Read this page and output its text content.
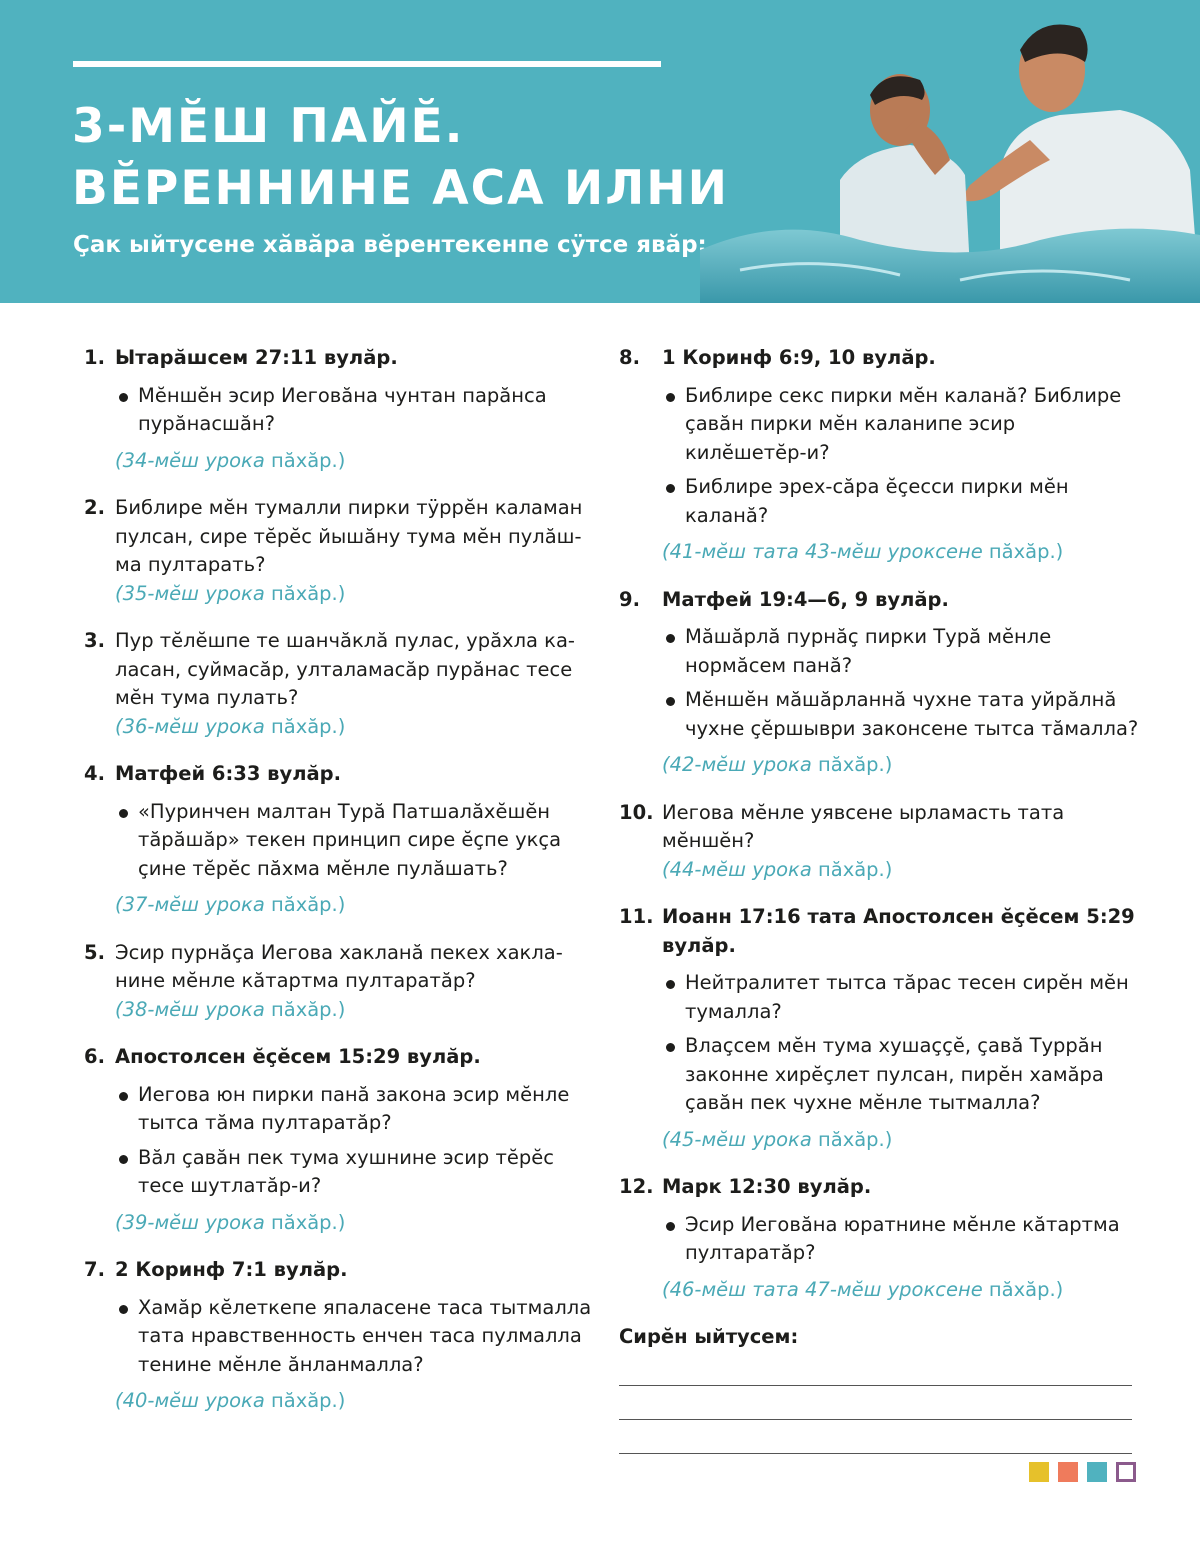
3-МĔШ ПАЙĔ.
ВĔРЕННИНЕ АСА ИЛНИ
Çак ыйтусене хăвăра вĕрентекенпе сÿтсе явăр:
1. Ытарăшсем 27:11 вулăр.
Мĕншĕн эсир Иеговăна чунтан парăнса пурăнасшăн?
(34-мĕш урока пăхăр.)
2. Библире мĕн тумалли пирки тÿррĕн каламан пулсан, сире тĕрĕс йышăну тума мĕн пулăшма пултарать?
(35-мĕш урока пăхăр.)
3. Пур тĕлĕшпе те шанчăклă пулас, урăхла каласан, суймасăр, улталамасăр пурăнас тесе мĕн тума пулать?
(36-мĕш урока пăхăр.)
4. Матфей 6:33 вулăр.
«Пуринчен малтан Турă Патшалăхĕшĕн тăрăшăр» текен принцип сире ĕçпе укçа çине тĕрĕс пăхма мĕнле пулăшать?
(37-мĕш урока пăхăр.)
5. Эсир пурнăçа Иегова хакланă пекех хакланине мĕнле кăтартма пултаратăр?
(38-мĕш урока пăхăр.)
6. Апостолсен ĕçĕсем 15:29 вулăр.
Иегова юн пирки панă закона эсир мĕнле тытса тăма пултаратăр?
Вăл çавăн пек тума хушнине эсир тĕрĕс тесе шутлатăр-и?
(39-мĕш урока пăхăр.)
7. 2 Коринф 7:1 вулăр.
Хамăр кĕлеткепе япаласене таса тытмалла тата нравственность енчен таса пулмалла тенине мĕнле ăнланмалла?
(40-мĕш урока пăхăр.)
8. 1 Коринф 6:9, 10 вулăр.
Библире секс пирки мĕн каланă? Библире çавăн пирки мĕн каланипе эсир килĕшетĕр-и?
Библире эрех-сăра ĕçесси пирки мĕн каланă?
(41-мĕш тата 43-мĕш уроксене пăхăр.)
9. Матфей 19:4—6, 9 вулăр.
Мăшăрлă пурнăç пирки Турă мĕнле нормăсем панă?
Мĕншĕн мăшăрланнă чухне тата уйрăлнă чухне çĕршыври законсене тытса тăмалла?
(42-мĕш урока пăхăр.)
10. Иегова мĕнле уявсене ырламасть тата мĕншĕн?
(44-мĕш урока пăхăр.)
11. Иоанн 17:16 тата Апостолсен ĕçĕсем 5:29 вулăр.
Нейтралитет тытса тăрас тесен сирĕн мĕн тумалла?
Влаçсем мĕн тума хушаççĕ, çавă Туррăн законне хирĕçлет пулсан, пирĕн хамăра çавăн пек чухне мĕнле тытмалла?
(45-мĕш урока пăхăр.)
12. Марк 12:30 вулăр.
Эсир Иеговăна юратнине мĕнле кăтартма пултаратăр?
(46-мĕш тата 47-мĕш уроксене пăхăр.)
Сирĕн ыйтусем:
